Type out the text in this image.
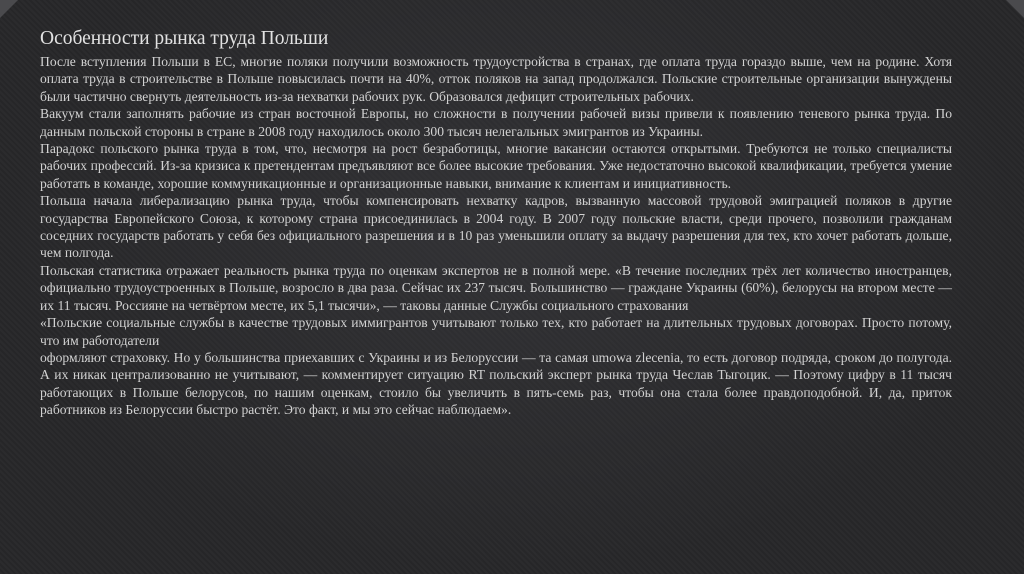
Особенности рынка труда Польши

После вступления Польши в ЕС, многие поляки получили возможность трудоустройства в странах, где оплата труда гораздо выше, чем на родине. Хотя оплата труда в строительстве в Польше повысилась почти на 40%, отток поляков на запад продолжался. Польские строительные организации вынуждены были частично свернуть деятельность из-за нехватки рабочих рук. Образовался дефицит строительных рабочих.

Вакуум стали заполнять рабочие из стран восточной Европы, но сложности в получении рабочей визы привели к появлению теневого рынка труда. По данным польской стороны в стране в 2008 году находилось около 300 тысяч нелегальных эмигрантов из Украины.

Парадокс польского рынка труда в том, что, несмотря на рост безработицы, многие вакансии остаются открытыми. Требуются не только специалисты рабочих профессий. Из-за кризиса к претендентам предъявляют все более высокие требования. Уже недостаточно высокой квалификации, требуется умение работать в команде, хорошие коммуникационные и организационные навыки, внимание к клиентам и инициативность.

Польша начала либерализацию рынка труда, чтобы компенсировать нехватку кадров, вызванную массовой трудовой эмиграцией поляков в другие государства Европейского Союза, к которому страна присоединилась в 2004 году. В 2007 году польские власти, среди прочего, позволили гражданам соседних государств работать у себя без официального разрешения и в 10 раз уменьшили оплату за выдачу разрешения для тех, кто хочет работать дольше, чем полгода.

Польская статистика отражает реальность рынка труда по оценкам экспертов не в полной мере. «В течение последних трёх лет количество иностранцев, официально трудоустроенных в Польше, возросло в два раза. Сейчас их 237 тысяч. Большинство — граждане Украины (60%), белорусы на втором месте — их 11 тысяч. Россияне на четвёртом месте, их 5,1 тысячи», — таковы данные Службы социального страхования

«Польские социальные службы в качестве трудовых иммигрантов учитывают только тех, кто работает на длительных трудовых договорах. Просто потому, что им работодатели

оформляют страховку. Но у большинства приехавших с Украины и из Белоруссии — та самая umowa zlecenia, то есть договор подряда, сроком до полугода. А их никак централизованно не учитывают, — комментирует ситуацию RT польский эксперт рынка труда Чеслав Тыгоцик. — Поэтому цифру в 11 тысяч работающих в Польше белорусов, по нашим оценкам, стоило бы увеличить в пять-семь раз, чтобы она стала более правдоподобной. И, да, приток работников из Белоруссии быстро растёт. Это факт, и мы это сейчас наблюдаем».
